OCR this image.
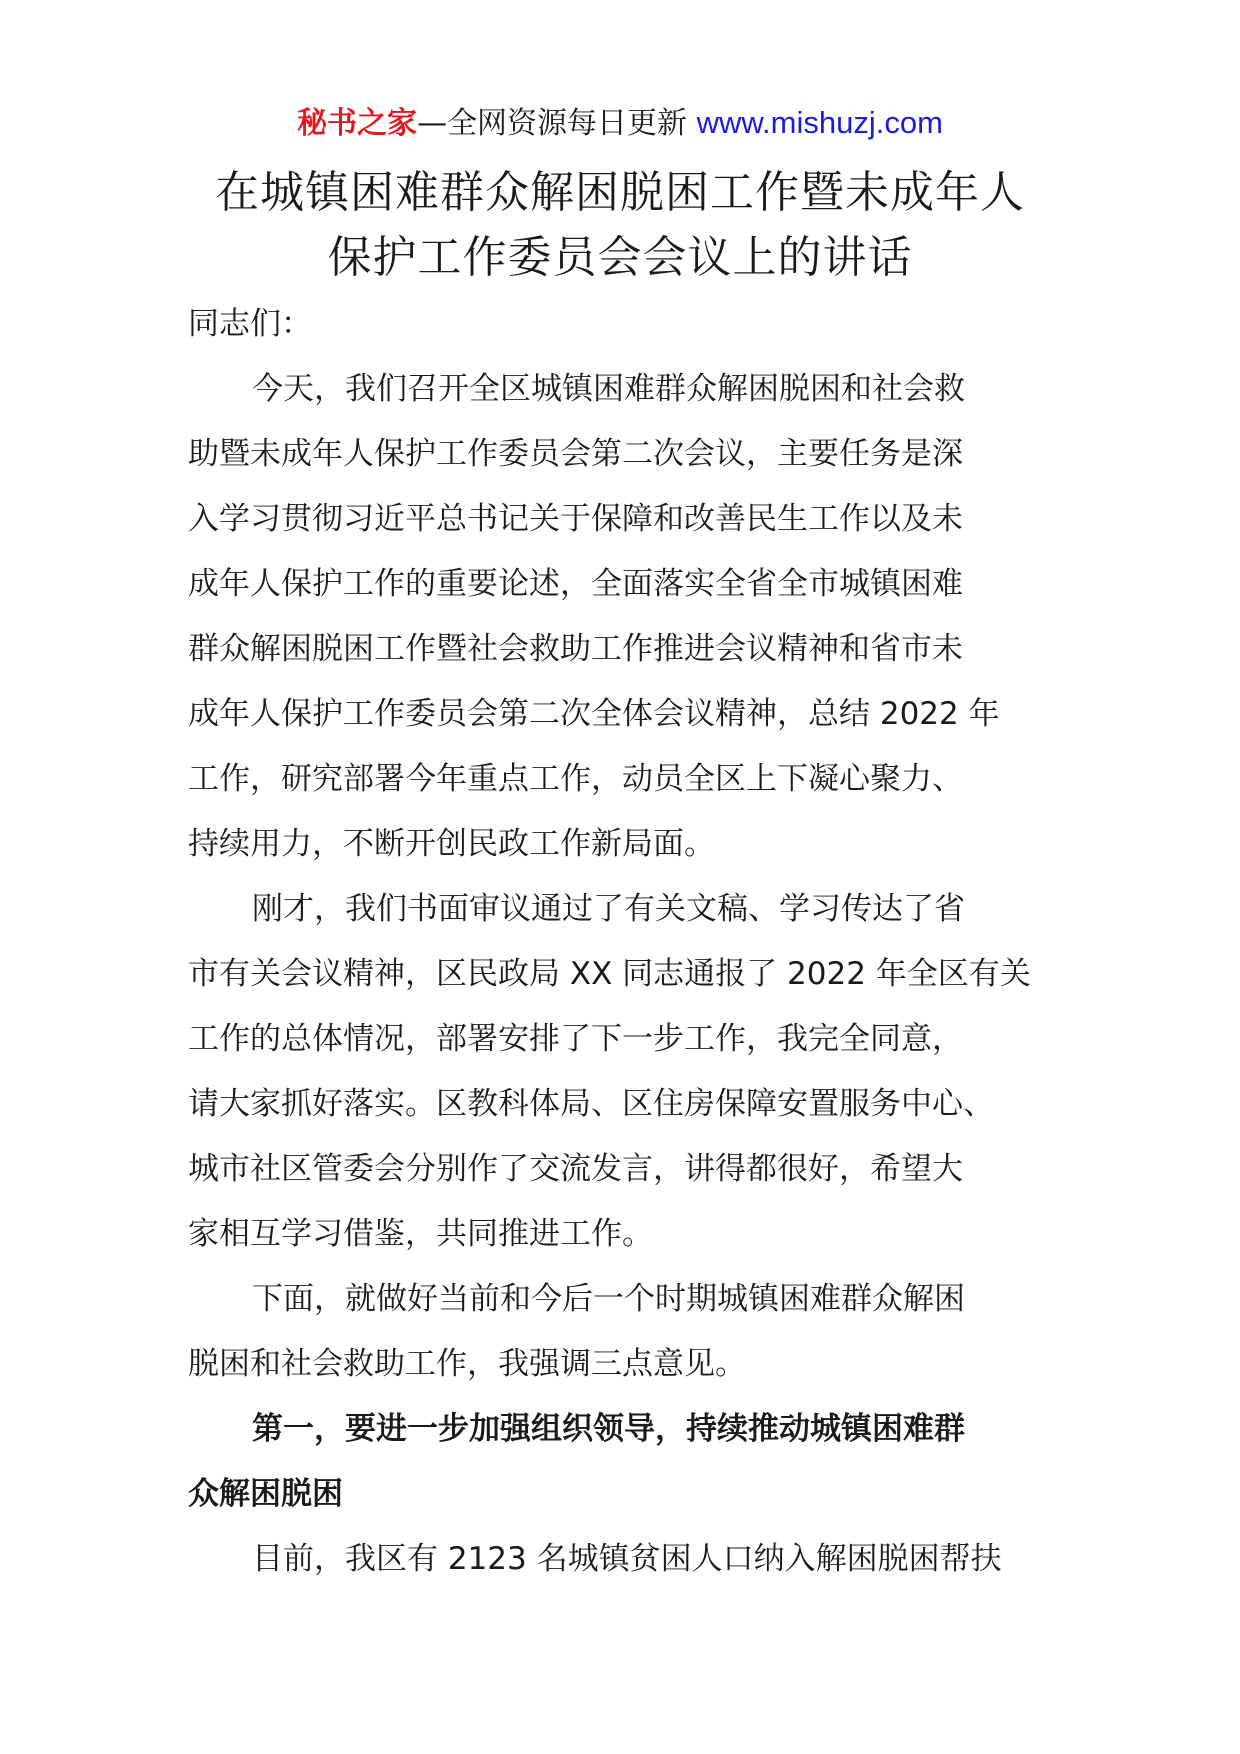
秘书之家—全网资源每日更新 www.mishuzj.com
在城镇困难群众解困脱困工作暨未成年人
保护工作委员会会议上的讲话

同志们：

今天，我们召开全区城镇困难群众解困脱困和社会救
助暨未成年人保护工作委员会第二次会议，主要任务是深
入学习贯彻习近平总书记关于保障和改善民生工作以及未
成年人保护工作的重要论述，全面落实全省全市城镇困难
群众解困脱困工作暨社会救助工作推进会议精神和省市未
成年人保护工作委员会第二次全体会议精神，总结 2022 年
工作，研究部署今年重点工作，动员全区上下凝心聚力、
持续用力，不断开创民政工作新局面。

刚才，我们书面审议通过了有关文稿、学习传达了省
市有关会议精神，区民政局 XX 同志通报了 2022 年全区有关
工作的总体情况，部署安排了下一步工作，我完全同意，
请大家抓好落实。区教科体局、区住房保障安置服务中心、
城市社区管委会分别作了交流发言，讲得都很好，希望大
家相互学习借鉴，共同推进工作。

下面，就做好当前和今后一个时期城镇困难群众解困
脱困和社会救助工作，我强调三点意见。

第一，要进一步加强组织领导，持续推动城镇困难群
众解困脱困

目前，我区有 2123 名城镇贫困人口纳入解困脱困帮扶
